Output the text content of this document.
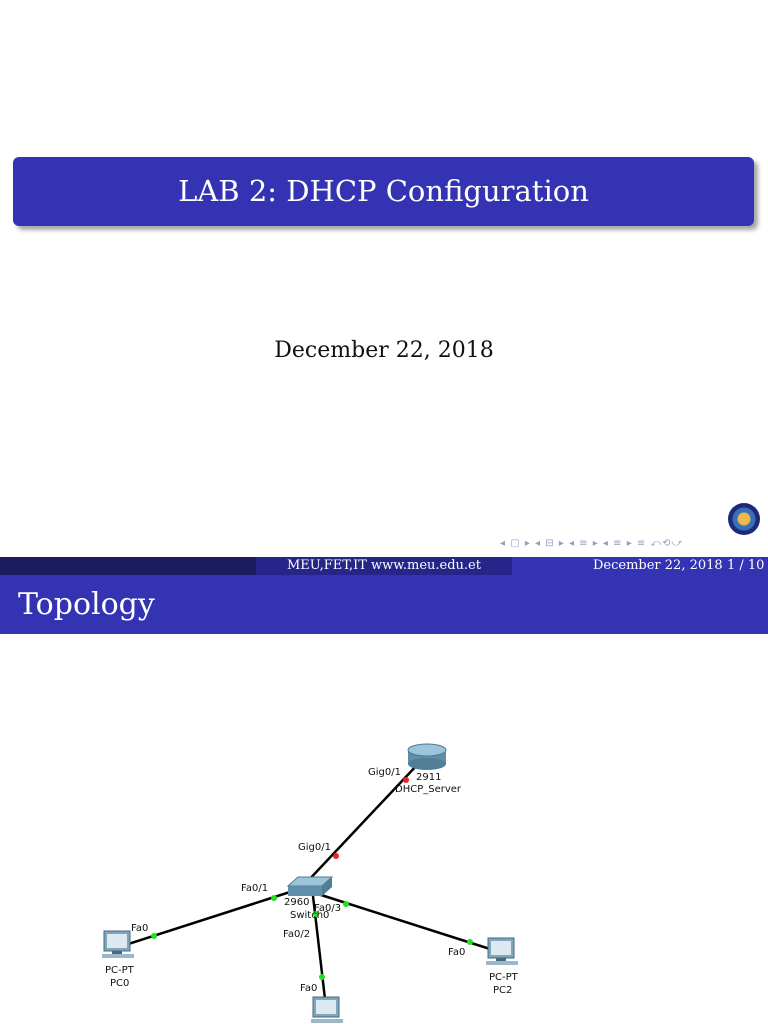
LAB 2: DHCP Configuration
December 22, 2018
◂ ▢ ▸ ◂ ⊟ ▸ ◂ ≡ ▸ ◂ ≡ ▸ ≡ ⤺⟲⤻
MEU,FET,IT www.meu.edu.et	December 22, 2018 1 / 10
Topology
Gig0/1 2911
DHCP_Server
Gig0/1
Fa0/1
2960
Fa0/3
Switch0
Fa0/2
Fa0
PC-PT
PC0
Fa0
PC-PT
PC2
Fa0
